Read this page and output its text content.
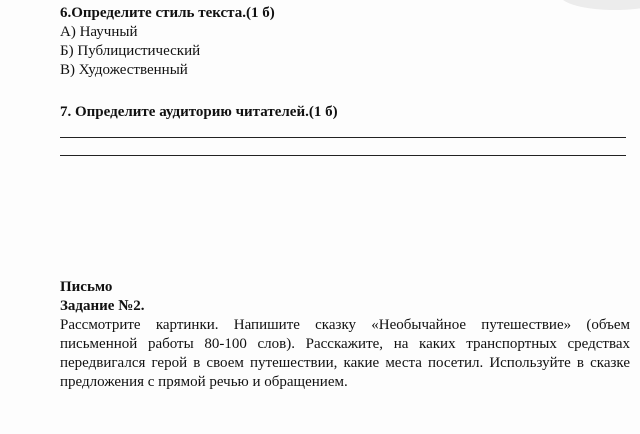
6.Определите стиль текста.(1 б)
А) Научный
Б) Публицистический
В) Художественный
7. Определите аудиторию читателей.(1 б)
Письмо
Задание №2.
Рассмотрите картинки. Напишите сказку «Необычайное путешествие» (объем письменной работы 80-100 слов). Расскажите, на каких транспортных средствах передвигался герой в своем путешествии, какие места посетил. Используйте в сказке предложения с прямой речью и обращением.
